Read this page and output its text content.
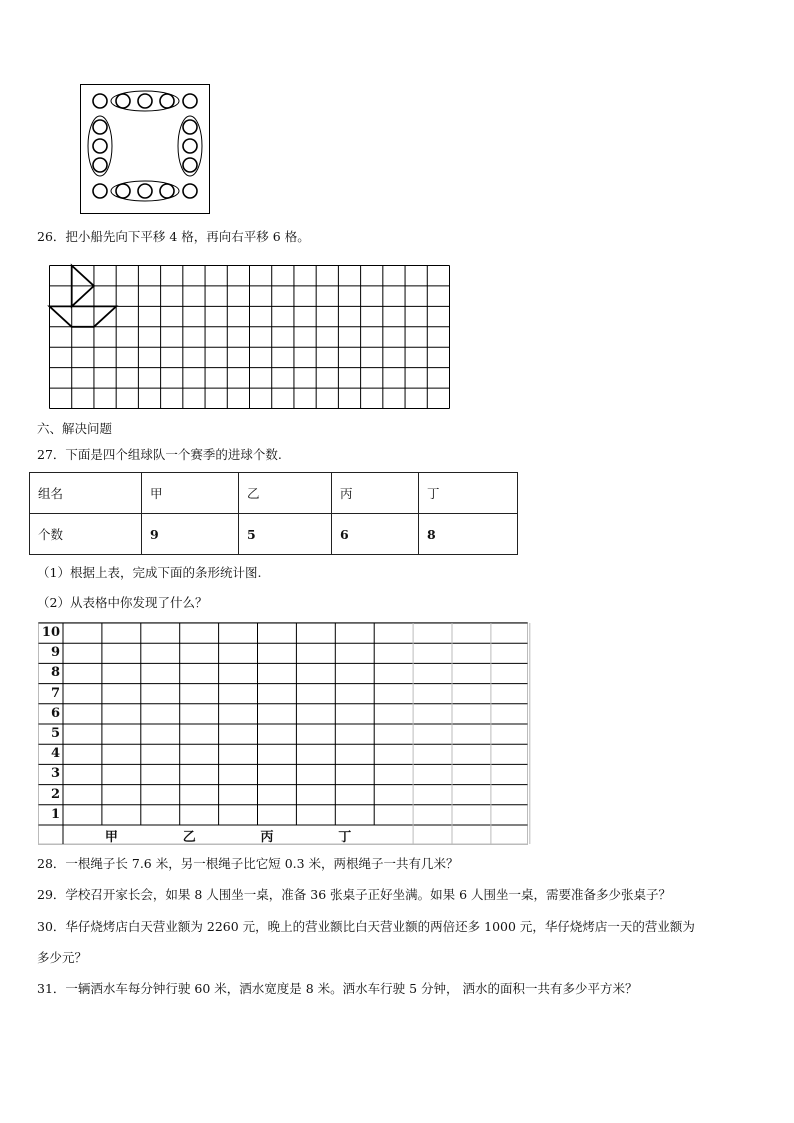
26．把小船先向下平移 4 格，再向右平移 6 格。
六、解决问题
27．下面是四个组球队一个赛季的进球个数.
组名	甲	乙	丙	丁
个数	9	5	6	8
（1）根据上表，完成下面的条形统计图.
（2）从表格中你发现了什么？
1
2
3
4
5
6
7
8
9
10
甲	乙	丙	丁
28．一根绳子长 7.6 米，另一根绳子比它短 0.3 米，两根绳子一共有几米？
29．学校召开家长会，如果 8 人围坐一桌，准备 36 张桌子正好坐满。如果 6 人围坐一桌，需要准备多少张桌子？
30．华仔烧烤店白天营业额为 2260 元，晚上的营业额比白天营业额的两倍还多 1000 元，华仔烧烤店一天的营业额为
多少元？
31．一辆洒水车每分钟行驶 60 米，洒水宽度是 8 米。洒水车行驶 5 分钟， 洒水的面积一共有多少平方米？
